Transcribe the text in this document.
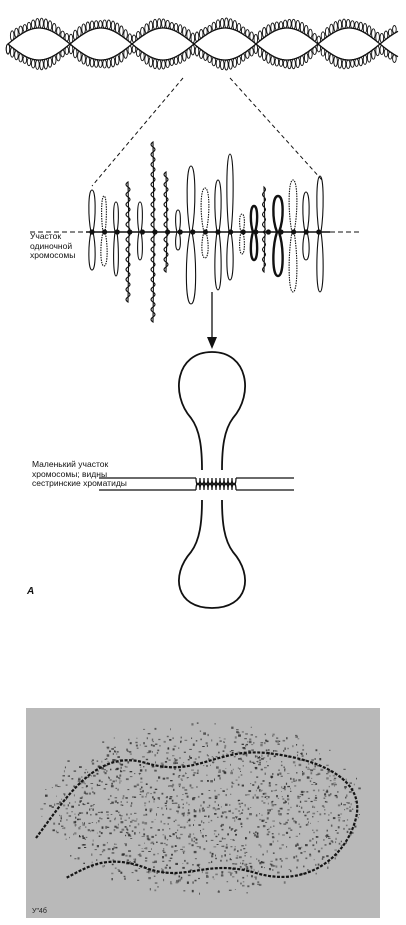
Участок одиночной хромосомы
Маленький участок хромосомы; видны сестринские хроматиды
А
У"4б
